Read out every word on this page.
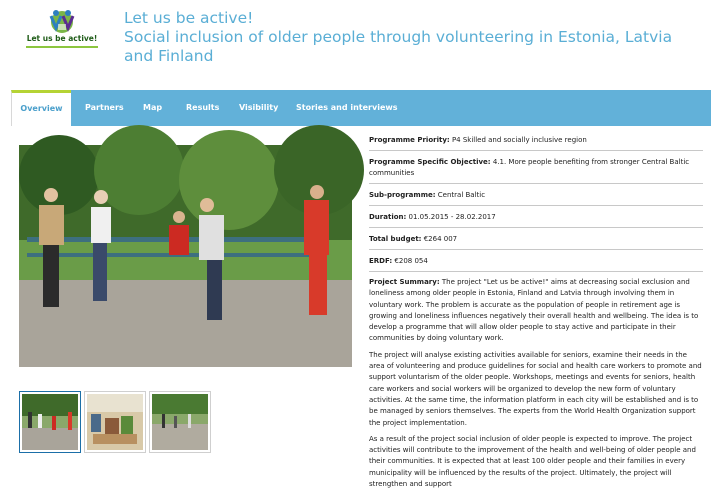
Let us be active!
Let us be active!
Social inclusion of older people through volunteering in Estonia, Latvia and Finland
Overview	Partners Map	Results Visibility Stories and interviews
Programme Priority: P4 Skilled and socially inclusive region
Programme Specific Objective: 4.1. More people benefiting from stronger Central Baltic communities
Sub-programme: Central Baltic
Duration: 01.05.2015 - 28.02.2017
Total budget: €264 007
ERDF: €208 054

Project Summary: The project "Let us be active!" aims at decreasing social exclusion and loneliness among older people in Estonia, Finland and Latvia through involving them in voluntary work. The problem is accurate as the population of people in retirement age is growing and loneliness influences negatively their overall health and wellbeing. The idea is to develop a programme that will allow older people to stay active and participate in their communities by doing voluntary work.

The project will analyse existing activities available for seniors, examine their needs in the area of volunteering and produce guidelines for social and health care workers to promote and support voluntarism of the older people. Workshops, meetings and events for seniors, health care workers and social workers will be organized to develop the new form of voluntary activities. At the same time, the information platform in each city will be established and is to be managed by seniors themselves. The experts from the World Health Organization support the project implementation.

As a result of the project social inclusion of older people is expected to improve. The project activities will contribute to the improvement of the health and well-being of older people and their communities. It is expected that at least 100 older people and their families in every municipality will be influenced by the results of the project. Ultimately, the project will strengthen and support
